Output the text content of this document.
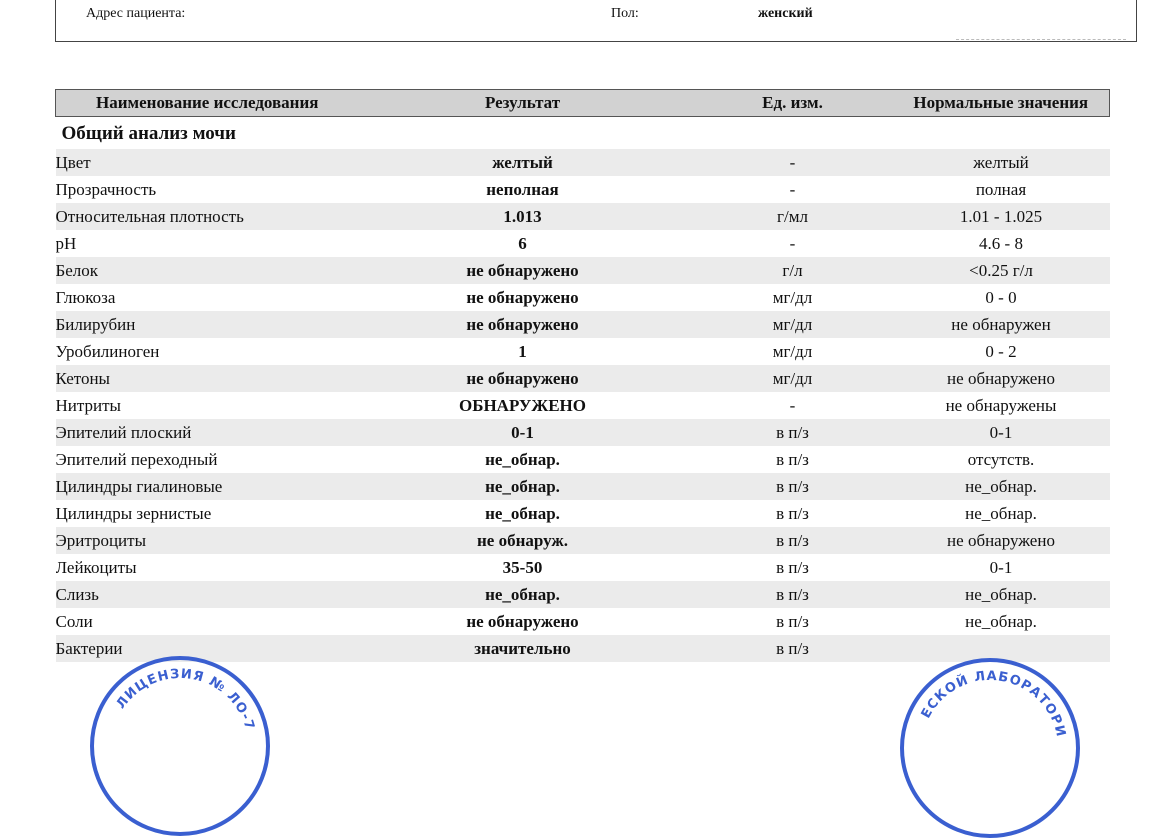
Адрес пациента:	Пол:	женский
Наименование исследования	Результат	Ед. изм.	Нормальные значения
Общий анализ мочи			
Цвет	желтый	-	желтый
Прозрачность	неполная	-	полная
Относительная плотность	1.013	г/мл	1.01 - 1.025
pH	6	-	4.6 - 8
Белок	не обнаружено	г/л	<0.25 г/л
Глюкоза	не обнаружено	мг/дл	0 - 0
Билирубин	не обнаружено	мг/дл	не обнаружен
Уробилиноген	1	мг/дл	0 - 2
Кетоны	не обнаружено	мг/дл	не обнаружено
Нитриты	ОБНАРУЖЕНО	-	не обнаружены
Эпителий плоский	0-1	в п/з	0-1
Эпителий переходный	не_обнар.	в п/з	отсутств.
Цилиндры гиалиновые	не_обнар.	в п/з	не_обнар.
Цилиндры зернистые	не_обнар.	в п/з	не_обнар.
Эритроциты	не обнаруж.	в п/з	не обнаружено
Лейкоциты	35-50	в п/з	0-1
Слизь	не_обнар.	в п/з	не_обнар.
Соли	не обнаружено	в п/з	не_обнар.
Бактерии	значительно	в п/з	
ЛИЦЕНЗИЯ № ЛО-7
ЕСКОЙ ЛАБОРАТОРИ
